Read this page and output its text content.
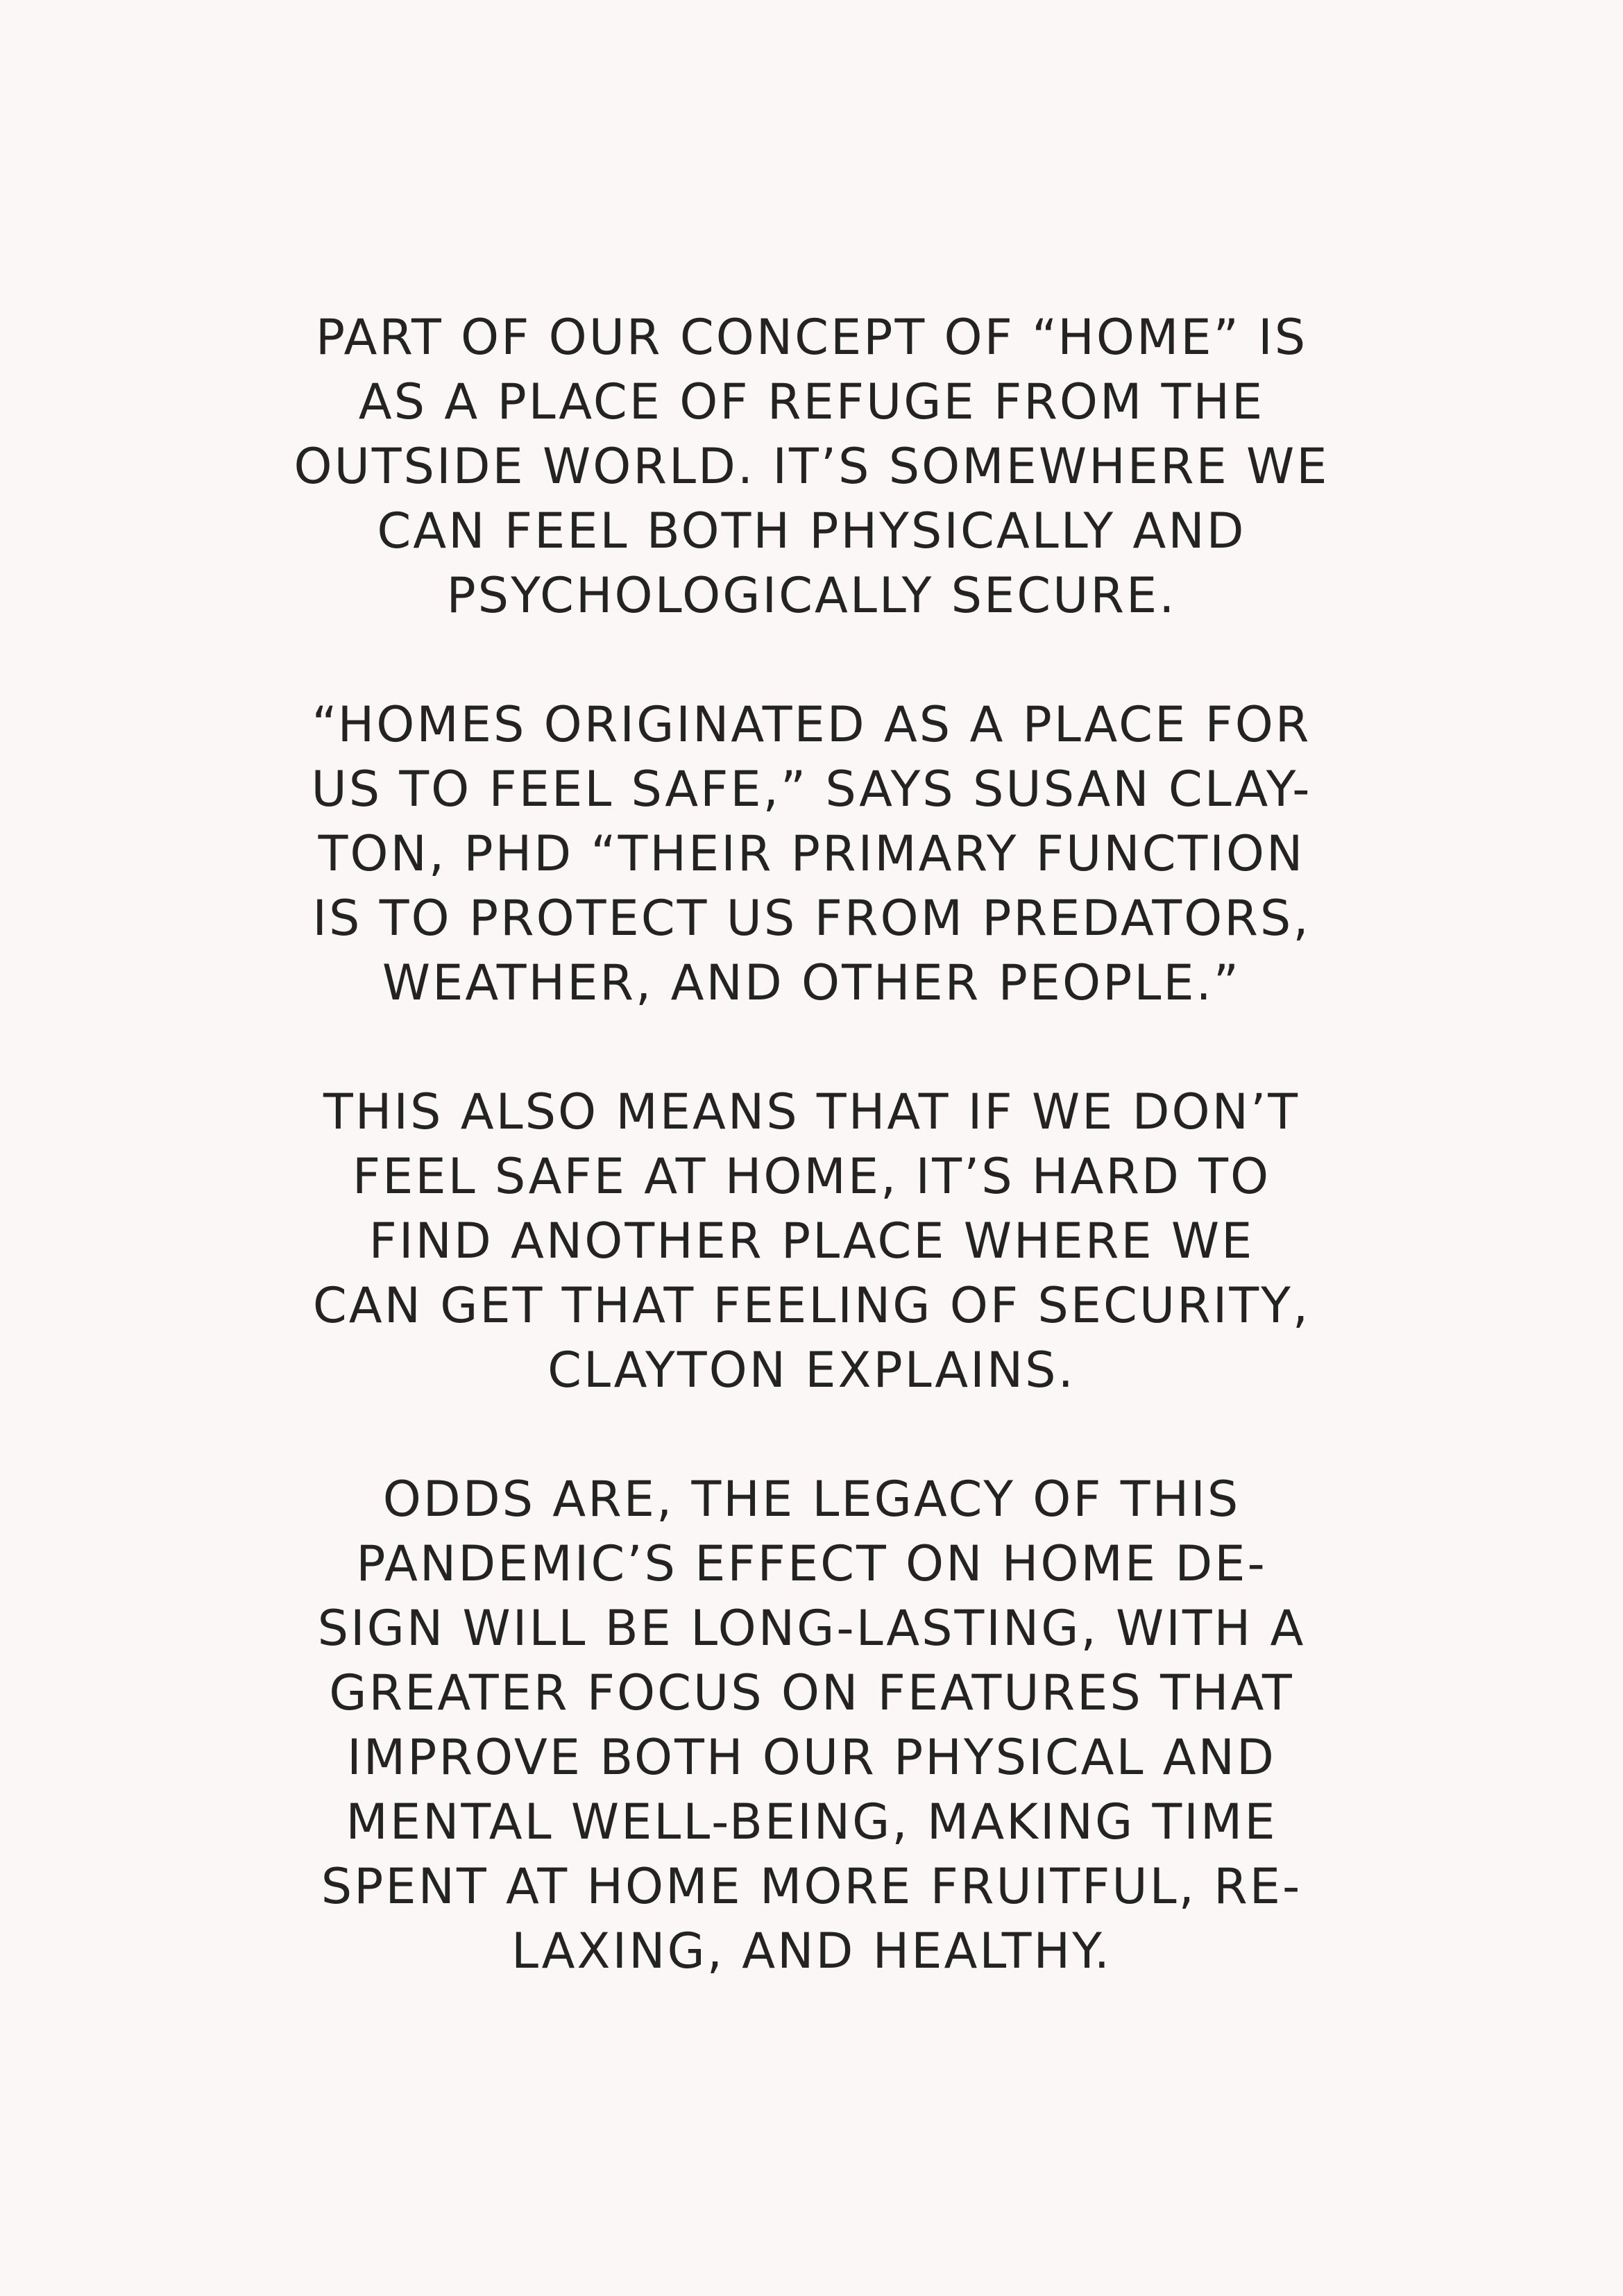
PART OF OUR CONCEPT OF “HOME” IS
AS A PLACE OF REFUGE FROM THE
OUTSIDE WORLD. IT’S SOMEWHERE WE
CAN FEEL BOTH PHYSICALLY AND
PSYCHOLOGICALLY SECURE.

“HOMES ORIGINATED AS A PLACE FOR
US TO FEEL SAFE,” SAYS SUSAN CLAY-
TON, PHD “THEIR PRIMARY FUNCTION
IS TO PROTECT US FROM PREDATORS,
WEATHER, AND OTHER PEOPLE.”

THIS ALSO MEANS THAT IF WE DON’T
FEEL SAFE AT HOME, IT’S HARD TO
FIND ANOTHER PLACE WHERE WE
CAN GET THAT FEELING OF SECURITY,
CLAYTON EXPLAINS.

ODDS ARE, THE LEGACY OF THIS
PANDEMIC’S EFFECT ON HOME DE-
SIGN WILL BE LONG-LASTING, WITH A
GREATER FOCUS ON FEATURES THAT
IMPROVE BOTH OUR PHYSICAL AND
MENTAL WELL-BEING, MAKING TIME
SPENT AT HOME MORE FRUITFUL, RE-
LAXING, AND HEALTHY.
